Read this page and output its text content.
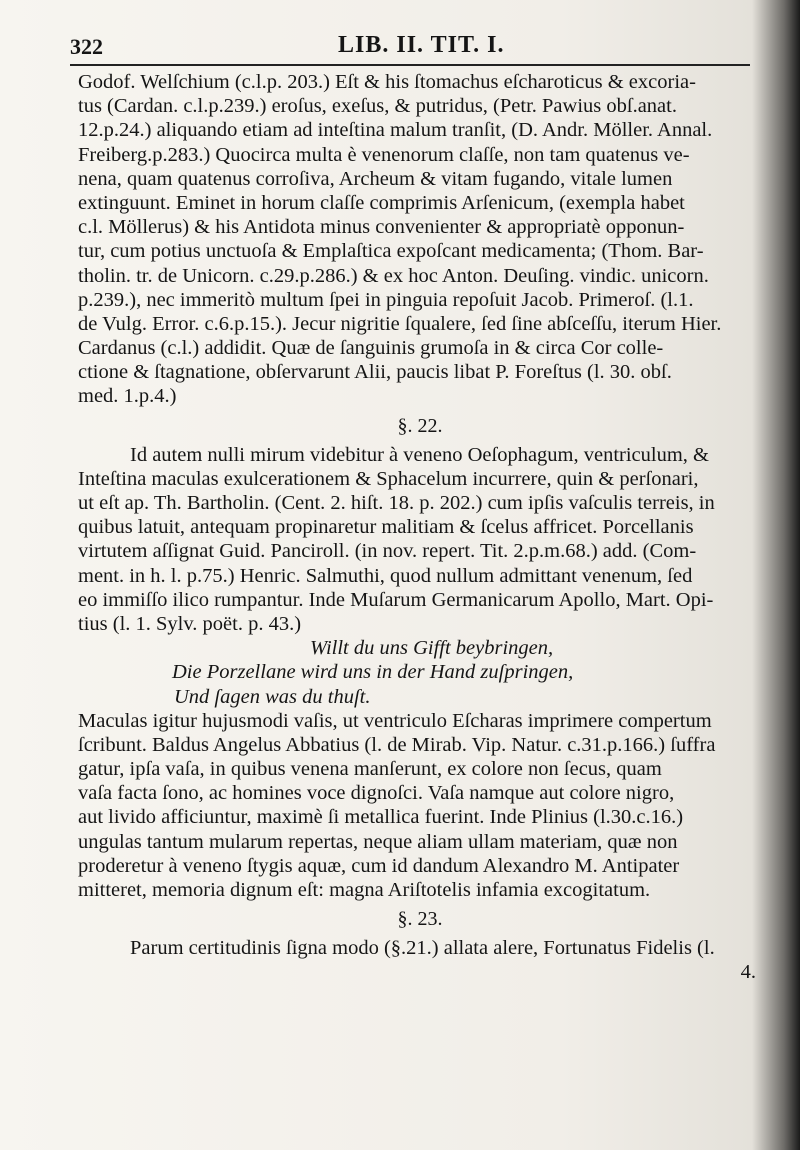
322	LIB. II. TIT. I.
Godof. Welſchium (c.l.p. 203.) Eſt & his ſtomachus eſcharoticus & excoria-
tus (Cardan. c.l.p.239.) eroſus, exeſus, & putridus, (Petr. Pawius obſ.anat.
12.p.24.) aliquando etiam ad inteſtina malum tranſit, (D. Andr. Möller. Annal.
Freiberg.p.283.) Quocirca multa è venenorum claſſe, non tam quatenus ve-
nena, quam quatenus corroſiva, Archeum & vitam fugando, vitale lumen
extinguunt. Eminet in horum claſſe comprimis Arſenicum, (exempla habet
c.l. Möllerus) & his Antidota minus convenienter & appropriatè opponun-
tur, cum potius unctuoſa & Emplaſtica expoſcant medicamenta; (Thom. Bar-
tholin. tr. de Unicorn. c.29.p.286.) & ex hoc Anton. Deuſing. vindic. unicorn.
p.239.), nec immeritò multum ſpei in pinguia repoſuit Jacob. Primeroſ. (l.1.
de Vulg. Error. c.6.p.15.). Jecur nigritie ſqualere, ſed ſine abſceſſu, iterum Hier.
Cardanus (c.l.) addidit. Quæ de ſanguinis grumoſa in & circa Cor colle-
ctione & ſtagnatione, obſervarunt Alii, paucis libat P. Foreſtus (l. 30. obſ.
med. 1.p.4.)
§. 22.
Id autem nulli mirum videbitur à veneno Oeſophagum, ventriculum, &
Inteſtina maculas exulcerationem & Sphacelum incurrere, quin & perſonari,
ut eſt ap. Th. Bartholin. (Cent. 2. hiſt. 18. p. 202.) cum ipſis vaſculis terreis, in
quibus latuit, antequam propinaretur malitiam & ſcelus affricet. Porcellanis
virtutem aſſignat Guid. Panciroll. (in nov. repert. Tit. 2.p.m.68.) add. (Com-
ment. in h. l. p.75.) Henric. Salmuthi, quod nullum admittant venenum, ſed
eo immiſſo ilico rumpantur. Inde Muſarum Germanicarum Apollo, Mart. Opi-
tius (l. 1. Sylv. poët. p. 43.)
Willt du uns Gifft beybringen,
Die Porzellane wird uns in der Hand zuſpringen,
Und ſagen was du thuſt.
Maculas igitur hujusmodi vaſis, ut ventriculo Eſcharas imprimere compertum
ſcribunt. Baldus Angelus Abbatius (l. de Mirab. Vip. Natur. c.31.p.166.) ſuffra
gatur, ipſa vaſa, in quibus venena manſerunt, ex colore non ſecus, quam
vaſa facta ſono, ac homines voce dignoſci. Vaſa namque aut colore nigro,
aut livido afficiuntur, maximè ſi metallica fuerint. Inde Plinius (l.30.c.16.)
ungulas tantum mularum repertas, neque aliam ullam materiam, quæ non
proderetur à veneno ſtygis aquæ, cum id dandum Alexandro M. Antipater
mitteret, memoria dignum eſt: magna Ariſtotelis infamia excogitatum.
§. 23.
Parum certitudinis ſigna modo (§.21.) allata alere, Fortunatus Fidelis (l.
4.
